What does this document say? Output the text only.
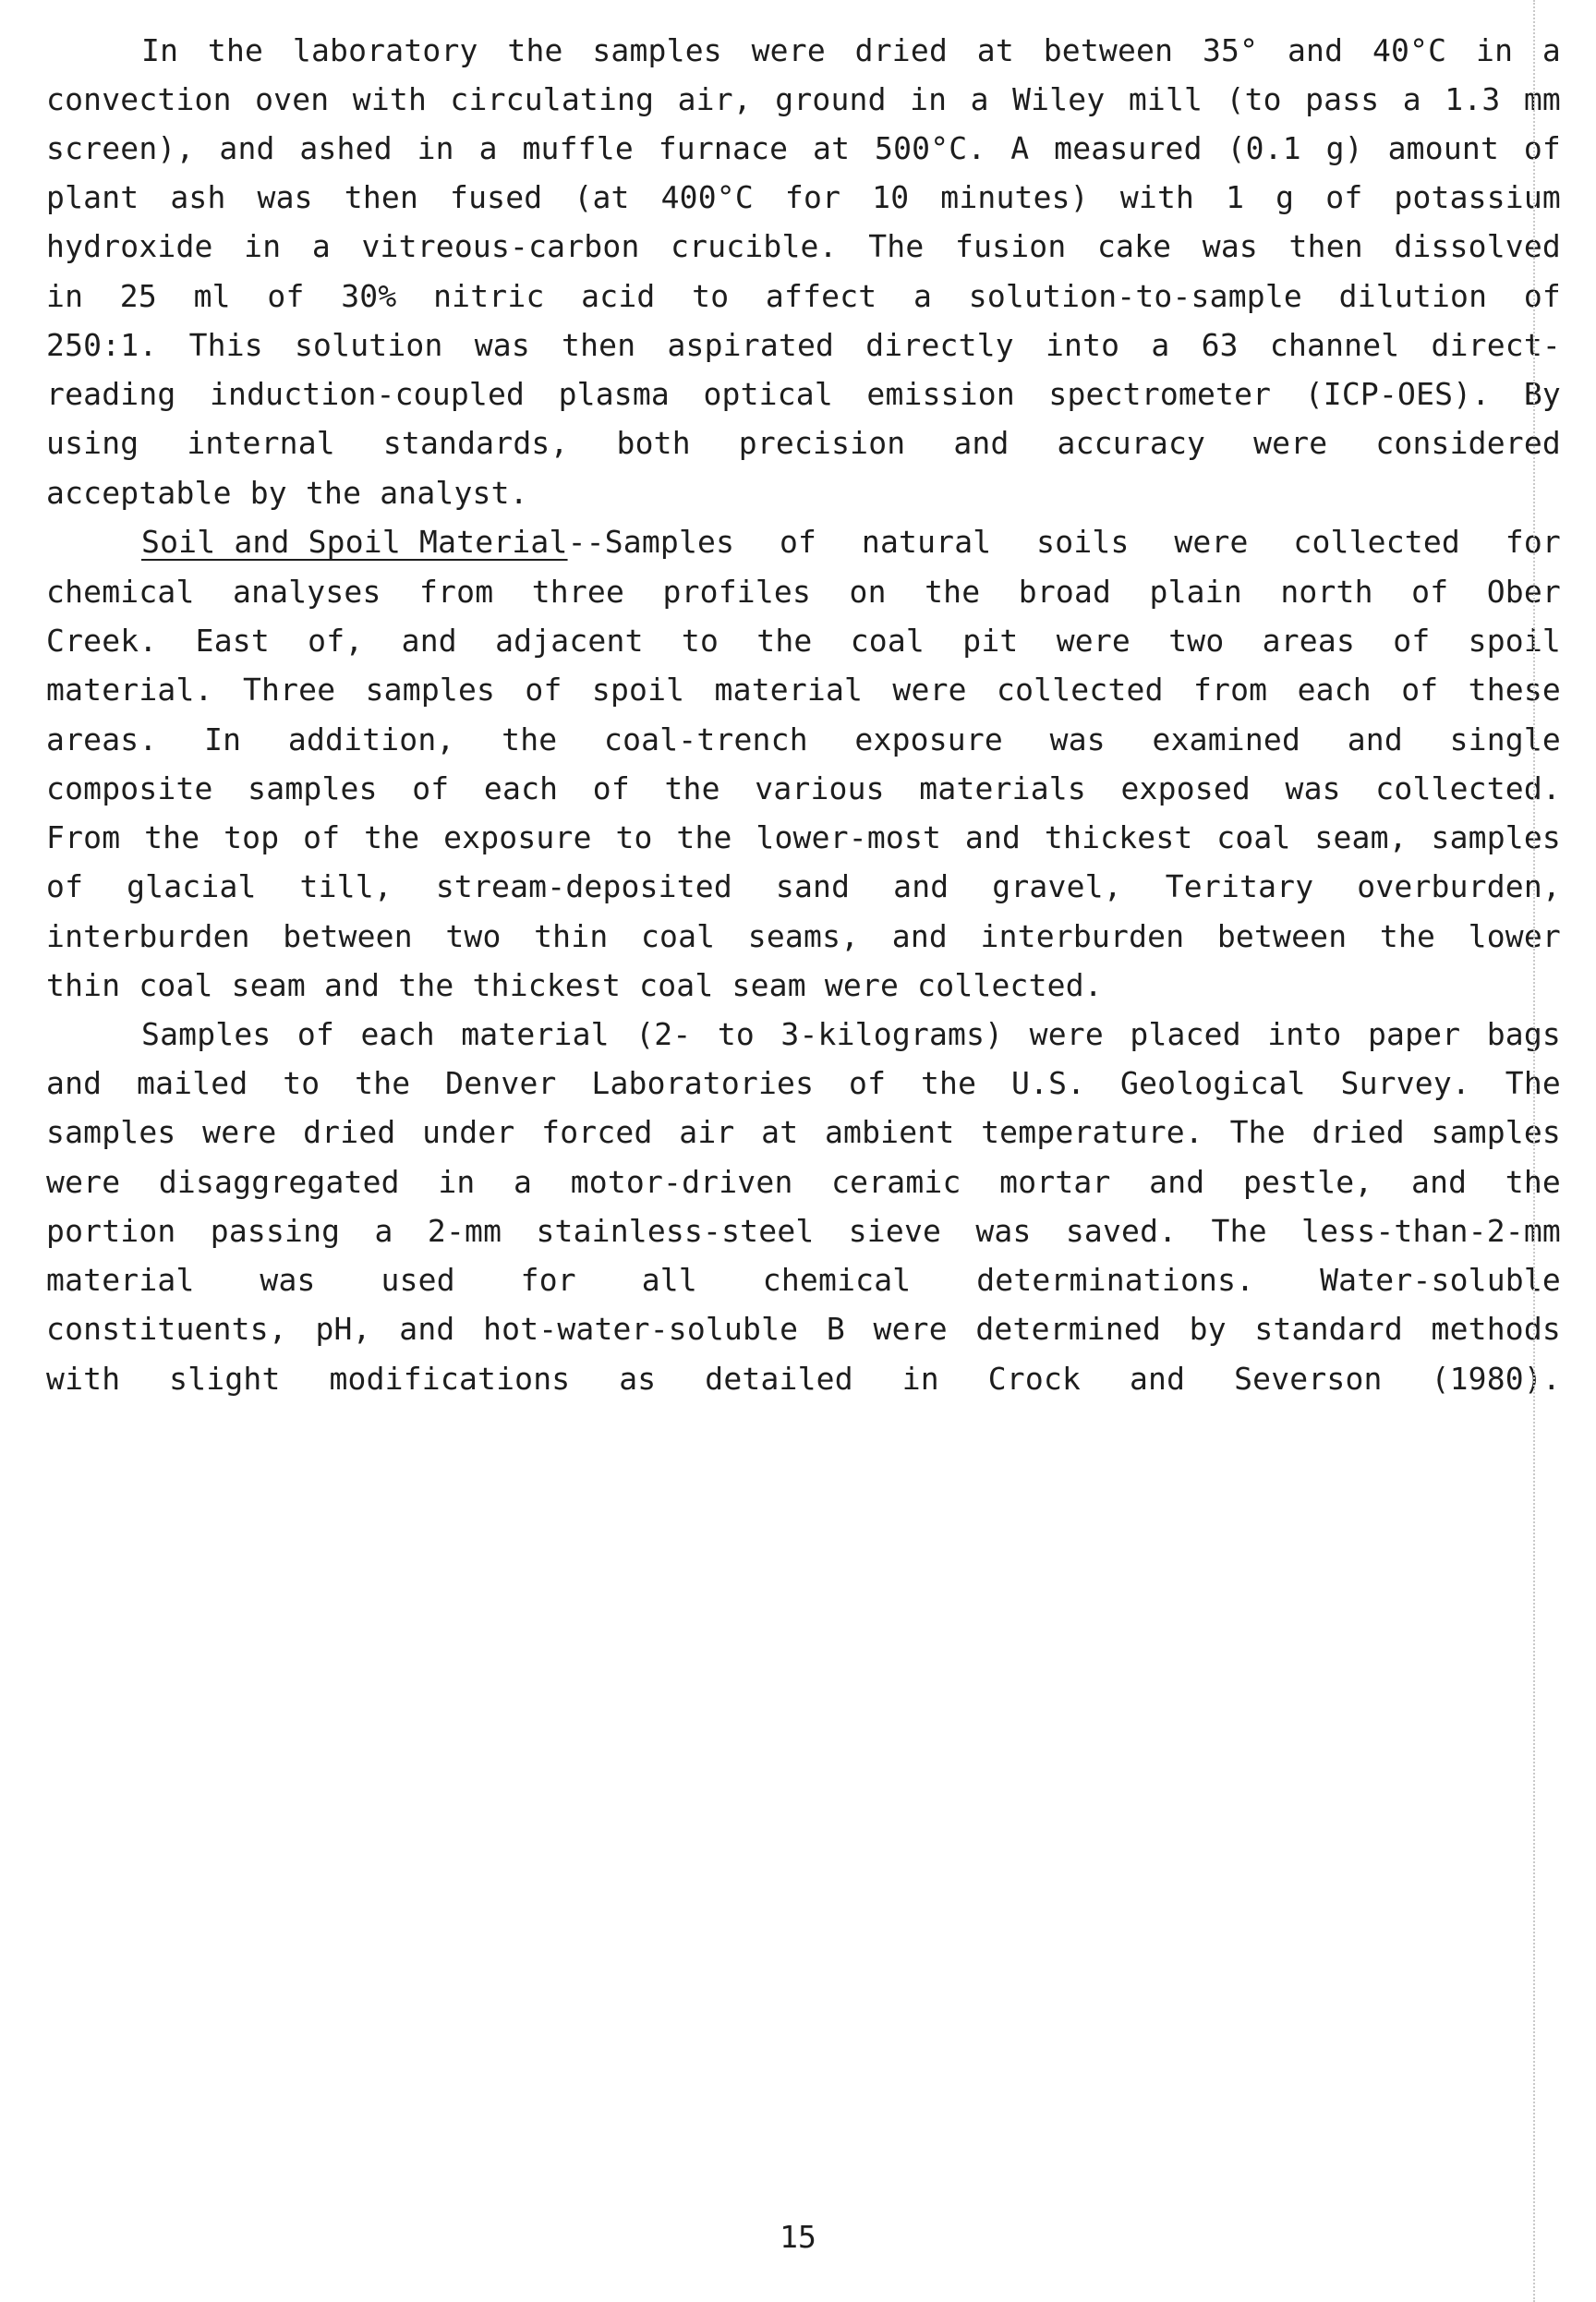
In the laboratory the samples were dried at between 35° and 40°C in a
convection oven with circulating air, ground in a Wiley mill (to pass a 1.3 mm
screen), and ashed in a muffle furnace at 500°C. A measured (0.1 g) amount of
plant ash was then fused (at 400°C for 10 minutes) with 1 g of potassium
hydroxide in a vitreous-carbon crucible. The fusion cake was then dissolved
in 25 ml of 30% nitric acid to affect a solution-to-sample dilution of
250:1. This solution was then aspirated directly into a 63 channel direct-
reading induction-coupled plasma optical emission spectrometer (ICP-OES). By
using internal standards, both precision and accuracy were considered
acceptable by the analyst.
Soil and Spoil Material --Samples of natural soils were collected for
chemical analyses from three profiles on the broad plain north of Ober
Creek. East of, and adjacent to the coal pit were two areas of spoil
material. Three samples of spoil material were collected from each of these
areas. In addition, the coal-trench exposure was examined and single
composite samples of each of the various materials exposed was collected.
From the top of the exposure to the lower-most and thickest coal seam, samples
of glacial till, stream-deposited sand and gravel, Teritary overburden,
interburden between two thin coal seams, and interburden between the lower
thin coal seam and the thickest coal seam were collected.
Samples of each material (2- to 3-kilograms) were placed into paper bags
and mailed to the Denver Laboratories of the U.S. Geological Survey. The
samples were dried under forced air at ambient temperature. The dried samples
were disaggregated in a motor-driven ceramic mortar and pestle, and the
portion passing a 2-mm stainless-steel sieve was saved. The less-than-2-mm
material was used for all chemical determinations. Water-soluble
constituents, pH, and hot-water-soluble B were determined by standard methods
with slight modifications as detailed in Crock and Severson (1980).
15
